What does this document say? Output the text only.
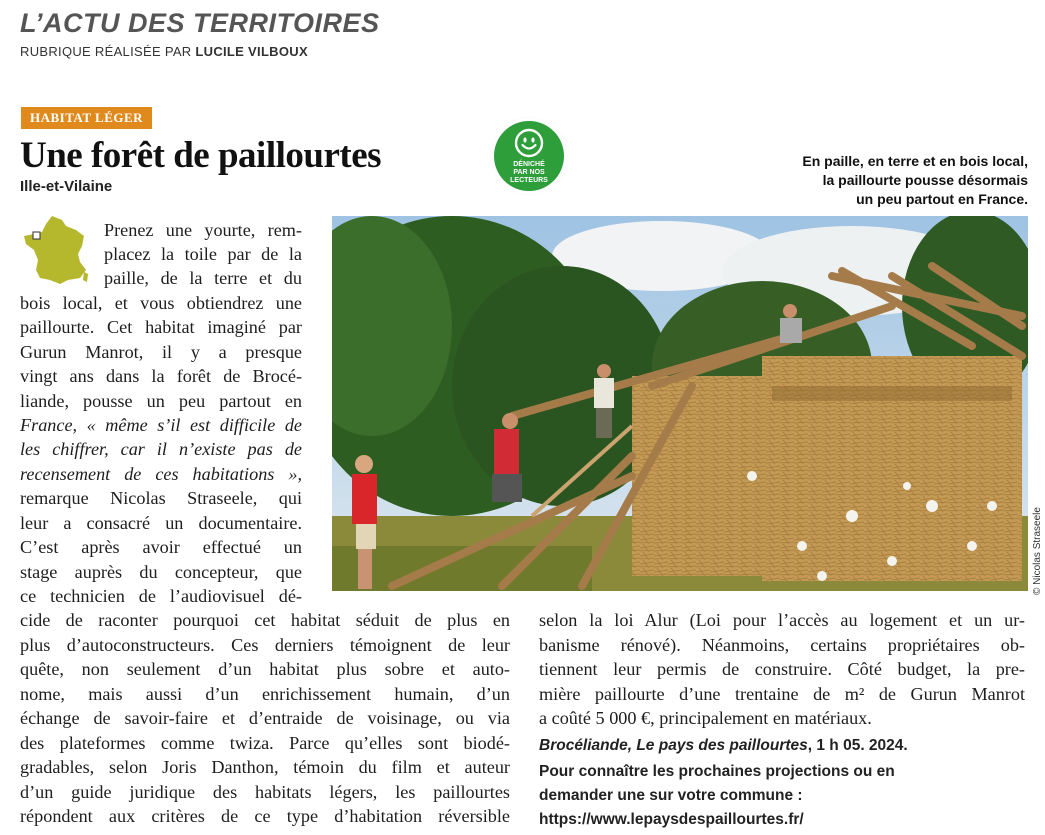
L’ACTU DES TERRITOIRES
RUBRIQUE RÉALISÉE PAR LUCILE VILBOUX
HABITAT LÉGER
Une forêt de paillourtes
Ille-et-Vilaine
DÉNICHÉ
PAR NOS
LECTEURS
En paille, en terre et en bois local,
la paillourte pousse désormais
un peu partout en France.
© Nicolas Straseele
Prenez une yourte, rem-
placez la toile par de la
paille, de la terre et du
bois local, et vous obtiendrez une
paillourte. Cet habitat imaginé par
Gurun Manrot, il y a presque
vingt ans dans la forêt de Brocé-
liande, pousse un peu partout en
France, « même s’il est difficile de
les chiffrer, car il n’existe pas de
recensement de ces habitations »,
remarque Nicolas Straseele, qui
leur a consacré un documentaire.
C’est après avoir effectué un
stage auprès du concepteur, que
ce technicien de l’audiovisuel dé-
cide de raconter pourquoi cet habitat séduit de plus en
plus d’autoconstructeurs. Ces derniers témoignent de leur
quête, non seulement d’un habitat plus sobre et auto-
nome, mais aussi d’un enrichissement humain, d’un
échange de savoir-faire et d’entraide de voisinage, ou via
des plateformes comme twiza. Parce qu’elles sont biodé-
gradables, selon Joris Danthon, témoin du film et auteur
d’un guide juridique des habitats légers, les paillourtes
répondent aux critères de ce type d’habitation réversible
selon la loi Alur (Loi pour l’accès au logement et un ur-
banisme rénové). Néanmoins, certains propriétaires ob-
tiennent leur permis de construire. Côté budget, la pre-
mière paillourte d’une trentaine de m² de Gurun Manrot
a coûté 5 000 €, principalement en matériaux.
Brocéliande, Le pays des paillourtes, 1 h 05. 2024.
Pour connaître les prochaines projections ou en
demander une sur votre commune :
https://www.lepaysdespaillourtes.fr/
